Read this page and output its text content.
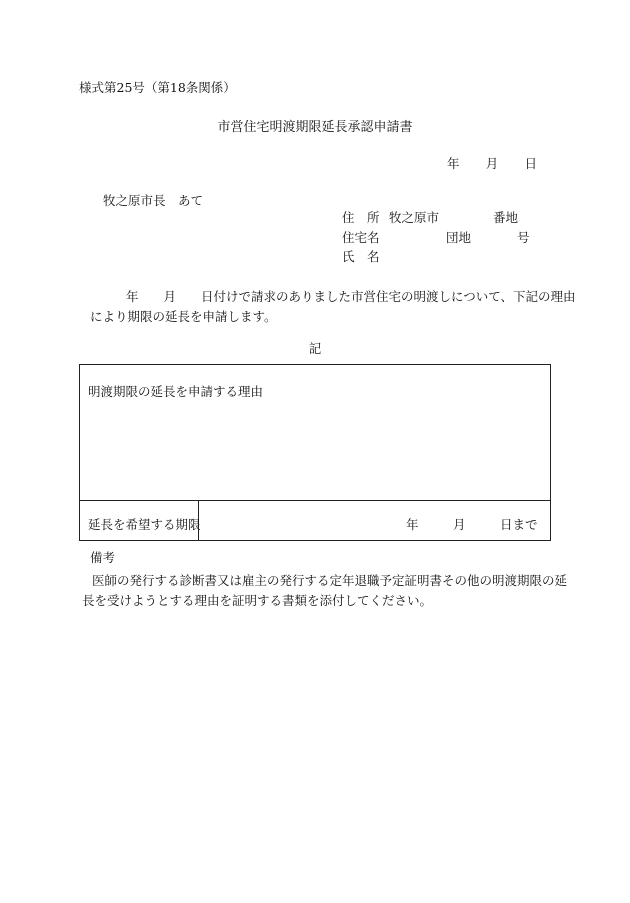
様式第25号（第18条関係）
市営住宅明渡期限延長承認申請書
年 月 日
牧之原市長　あて
住　所 牧之原市	番地
住宅名	団地	号
氏　名

年　　月　　日付けで請求のありました市営住宅の明渡しについて、下記の理由
により期限の延長を申請します。

記
明渡期限の延長を申請する理由
延長を希望する期限	年	月	日まで
備考

医師の発行する診断書又は雇主の発行する定年退職予定証明書その他の明渡期限の延
長を受けようとする理由を証明する書類を添付してください。
